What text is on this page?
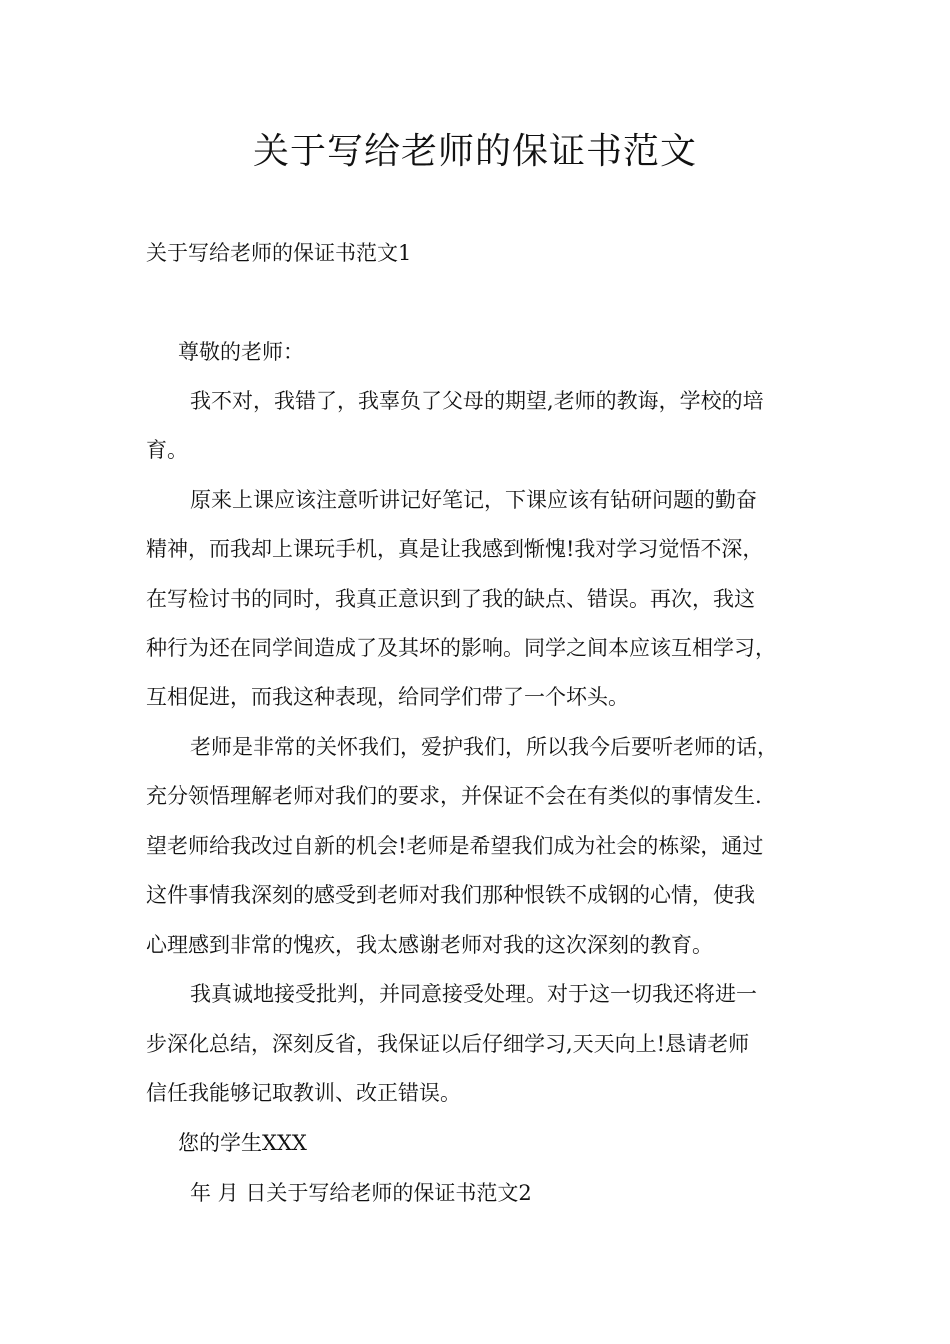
关于写给老师的保证书范文
关于写给老师的保证书范文1
尊敬的老师：
我不对，我错了，我辜负了父母的期望,老师的教诲，学校的培
育。
原来上课应该注意听讲记好笔记，下课应该有钻研问题的勤奋
精神，而我却上课玩手机，真是让我感到惭愧!我对学习觉悟不深，
在写检讨书的同时，我真正意识到了我的缺点、错误。再次，我这
种行为还在同学间造成了及其坏的影响。同学之间本应该互相学习，
互相促进，而我这种表现，给同学们带了一个坏头。
老师是非常的关怀我们，爱护我们，所以我今后要听老师的话，
充分领悟理解老师对我们的要求，并保证不会在有类似的事情发生.
望老师给我改过自新的机会!老师是希望我们成为社会的栋梁，通过
这件事情我深刻的感受到老师对我们那种恨铁不成钢的心情，使我
心理感到非常的愧疚，我太感谢老师对我的这次深刻的教育。
我真诚地接受批判，并同意接受处理。对于这一切我还将进一
步深化总结，深刻反省，我保证以后仔细学习,天天向上!恳请老师
信任我能够记取教训、改正错误。
您的学生XXX
年 月 日关于写给老师的保证书范文2
